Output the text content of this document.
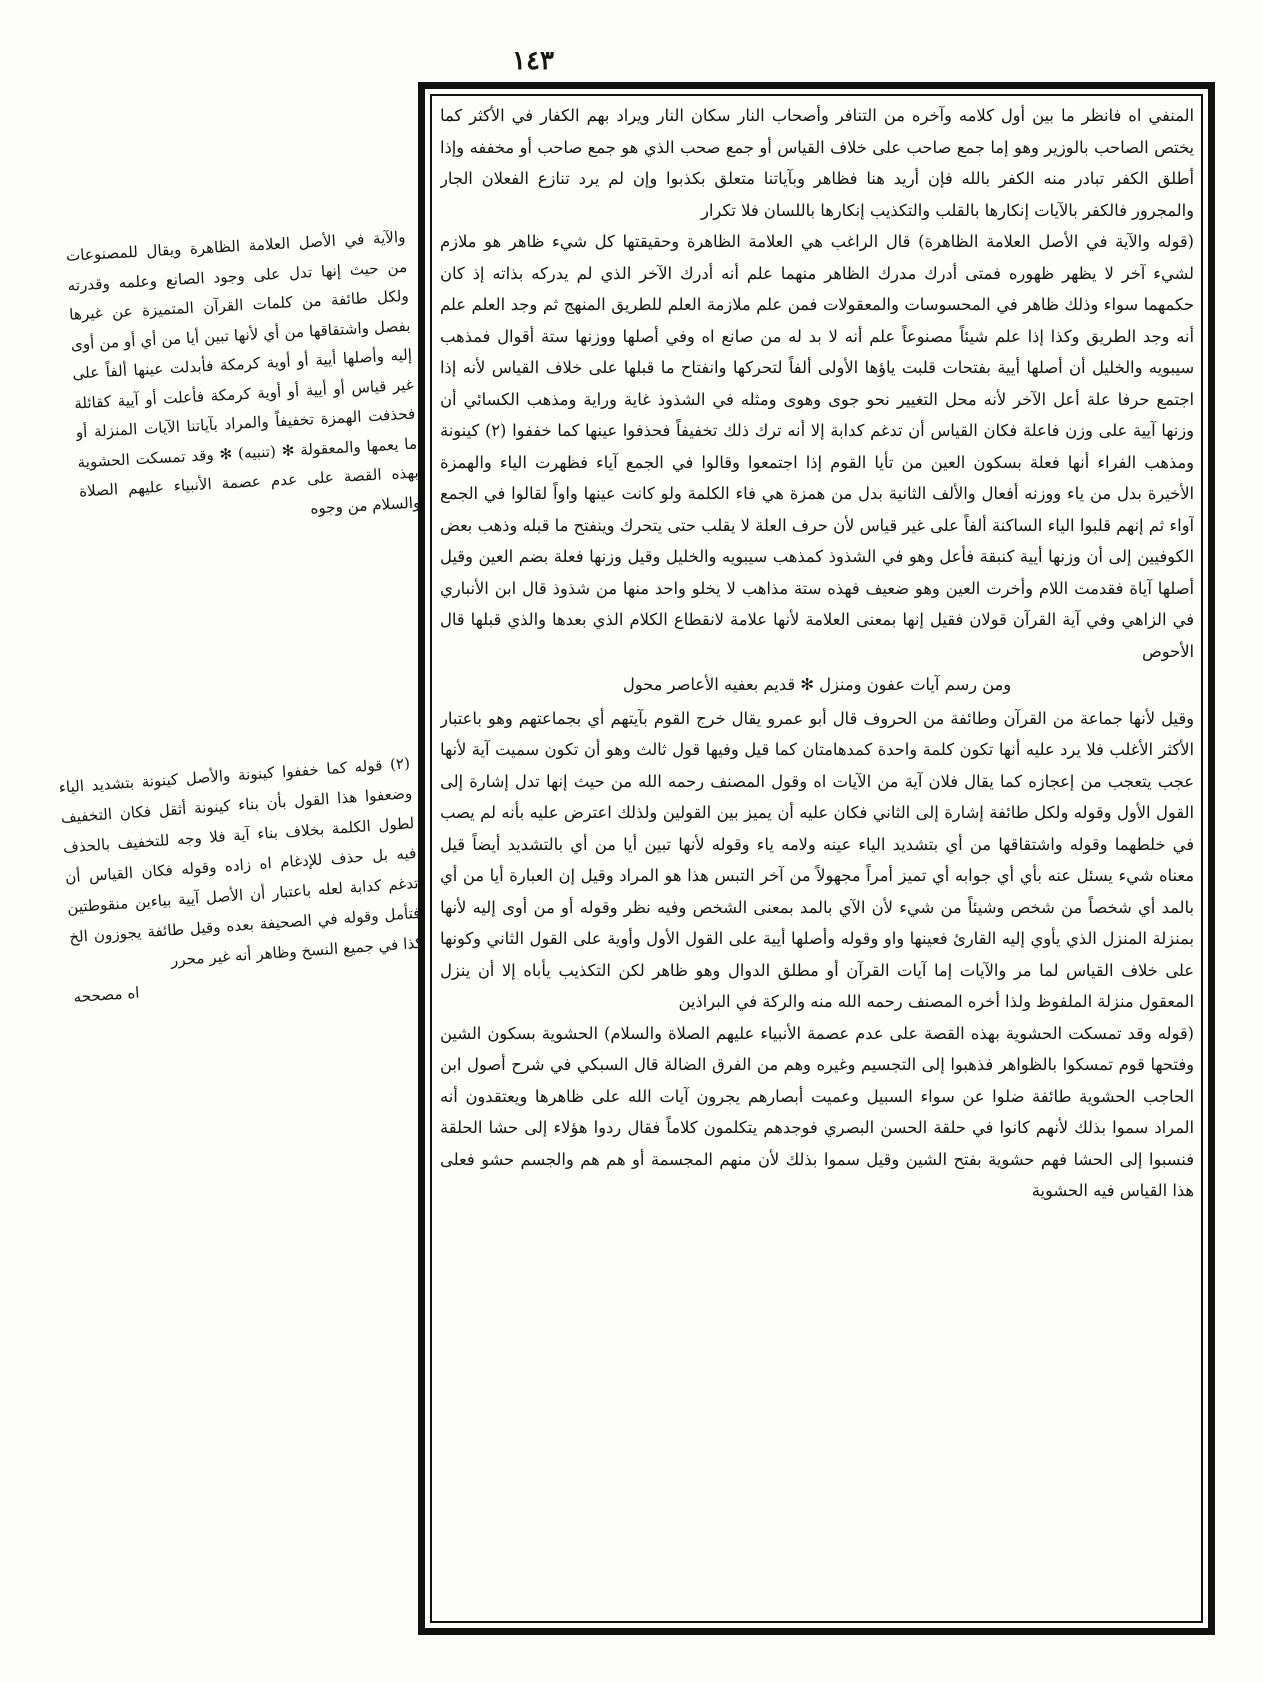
١٤٣

المنفي اه فانظر ما بين أول كلامه وآخره من التنافر وأصحاب النار سكان النار ويراد بهم الكفار في الأكثر كما يختص الصاحب بالوزير وهو إما جمع صاحب على خلاف القياس أو جمع صحب الذي هو جمع صاحب أو مخففه وإذا أطلق الكفر تبادر منه الكفر بالله فإن أريد هنا فظاهر وبآياتنا متعلق بكذبوا وإن لم يرد تنازع الفعلان الجار والمجرور فالكفر بالآيات إنكارها بالقلب والتكذيب إنكارها باللسان فلا تكرار

(قوله والآية في الأصل العلامة الظاهرة) قال الراغب هي العلامة الظاهرة وحقيقتها كل شيء ظاهر هو ملازم لشيء آخر لا يظهر ظهوره فمتى أدرك مدرك الظاهر منهما علم أنه أدرك الآخر الذي لم يدركه بذاته إذ كان حكمهما سواء وذلك ظاهر في المحسوسات والمعقولات فمن علم ملازمة العلم للطريق المنهج ثم وجد العلم علم أنه وجد الطريق وكذا إذا علم شيئاً مصنوعاً علم أنه لا بد له من صانع اه وفي أصلها ووزنها ستة أقوال فمذهب سيبويه والخليل أن أصلها أيية بفتحات قلبت ياؤها الأولى ألفاً لتحركها وانفتاح ما قبلها على خلاف القياس لأنه إذا اجتمع حرفا علة أعل الآخر لأنه محل التغيير نحو جوى وهوى ومثله في الشذوذ غاية وراية ومذهب الكسائي أن وزنها آيية على وزن فاعلة فكان القياس أن تدغم كدابة إلا أنه ترك ذلك تخفيفاً فحذفوا عينها كما خففوا (٢) كينونة ومذهب الفراء أنها فعلة بسكون العين من تأيا القوم إذا اجتمعوا وقالوا في الجمع آياء فظهرت الياء والهمزة الأخيرة بدل من ياء ووزنه أفعال والألف الثانية بدل من همزة هي فاء الكلمة ولو كانت عينها واواً لقالوا في الجمع آواء ثم إنهم قلبوا الياء الساكنة ألفاً على غير قياس لأن حرف العلة لا يقلب حتى يتحرك وينفتح ما قبله وذهب بعض الكوفيين إلى أن وزنها أيية كنبقة فأعل وهو في الشذوذ كمذهب سيبويه والخليل وقيل وزنها فعلة بضم العين وقيل أصلها آياة فقدمت اللام وأخرت العين وهو ضعيف فهذه ستة مذاهب لا يخلو واحد منها من شذوذ قال ابن الأنباري في الزاهي وفي آية القرآن قولان فقيل إنها بمعنى العلامة لأنها علامة لانقطاع الكلام الذي بعدها والذي قبلها قال الأحوص

ومن رسم آيات عفون ومنزل ✻ قديم بعفيه الأعاصر محول

وقيل لأنها جماعة من القرآن وطائفة من الحروف قال أبو عمرو يقال خرج القوم بآيتهم أي بجماعتهم وهو باعتبار الأكثر الأغلب فلا يرد عليه أنها تكون كلمة واحدة كمدهامتان كما قيل وفيها قول ثالث وهو أن تكون سميت آية لأنها عجب يتعجب من إعجازه كما يقال فلان آية من الآيات اه وقول المصنف رحمه الله من حيث إنها تدل إشارة إلى القول الأول وقوله ولكل طائفة إشارة إلى الثاني فكان عليه أن يميز بين القولين ولذلك اعترض عليه بأنه لم يصب في خلطهما وقوله واشتقاقها من أي بتشديد الياء عينه ولامه ياء وقوله لأنها تبين أيا من أي بالتشديد أيضاً قيل معناه شيء يسئل عنه بأي أي جوابه أي تميز أمراً مجهولاً من آخر التبس هذا هو المراد وقيل إن العبارة أيا من أي بالمد أي شخصاً من شخص وشيئاً من شيء لأن الآي بالمد بمعنى الشخص وفيه نظر وقوله أو من أوى إليه لأنها بمنزلة المنزل الذي يأوي إليه القارئ فعينها واو وقوله وأصلها أيية على القول الأول وأوية على القول الثاني وكونها على خلاف القياس لما مر والآيات إما آيات القرآن أو مطلق الدوال وهو ظاهر لكن التكذيب يأباه إلا أن ينزل المعقول منزلة الملفوظ ولذا أخره المصنف رحمه الله منه والركة في البراذين

(قوله وقد تمسكت الحشوية بهذه القصة على عدم عصمة الأنبياء عليهم الصلاة والسلام) الحشوية بسكون الشين وفتحها قوم تمسكوا بالظواهر فذهبوا إلى التجسيم وغيره وهم من الفرق الضالة قال السبكي في شرح أصول ابن الحاجب الحشوية طائفة ضلوا عن سواء السبيل وعميت أبصارهم يجرون آيات الله على ظاهرها ويعتقدون أنه المراد سموا بذلك لأنهم كانوا في حلقة الحسن البصري فوجدهم يتكلمون كلاماً فقال ردوا هؤلاء إلى حشا الحلقة فنسبوا إلى الحشا فهم حشوية بفتح الشين وقيل سموا بذلك لأن منهم المجسمة أو هم هم والجسم حشو فعلى هذا القياس فيه الحشوية

والآية في الأصل العلامة الظاهرة ويقال للمصنوعات من حيث إنها تدل على وجود الصانع وعلمه وقدرته ولكل طائفة من كلمات القرآن المتميزة عن غيرها بفصل واشتقاقها من أي لأنها تبين أيا من أي أو من أوى إليه وأصلها أيية أو أوية كرمكة فأبدلت عينها ألفاً على غير قياس أو أيية أو أوية كرمكة فأعلت أو آيية كقائلة فحذفت الهمزة تخفيفاً والمراد بآياتنا الآيات المنزلة أو ما يعمها والمعقولة ✻ (تنبيه) ✻ وقد تمسكت الحشوية بهذه القصة على عدم عصمة الأنبياء عليهم الصلاة والسلام من وجوه

(٢) قوله كما خففوا كينونة والأصل كينونة بتشديد الياء وضعفوا هذا القول بأن بناء كينونة أثقل فكان التخفيف لطول الكلمة بخلاف بناء آية فلا وجه للتخفيف بالحذف فيه بل حذف للإدغام اه زاده وقوله فكان القياس أن تدغم كدابة لعله باعتبار أن الأصل آيية بياءين منقوطتين فتأمل وقوله في الصحيفة بعده وقيل طائفة يجوزون الخ كذا في جميع النسخ وظاهر أنه غير محرر

اه مصححه
